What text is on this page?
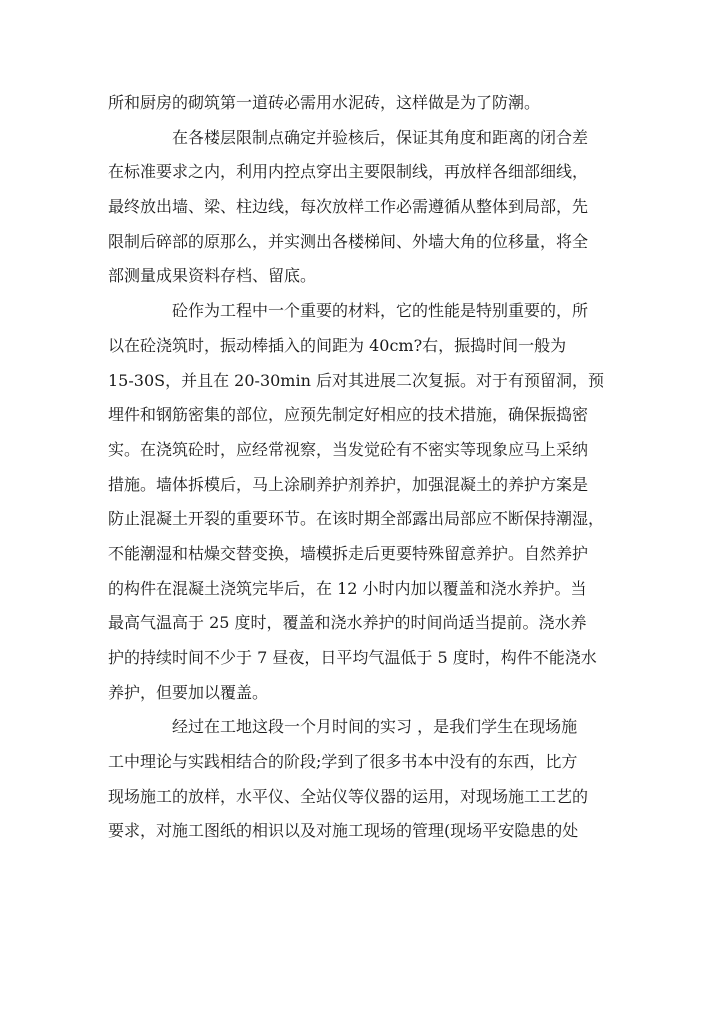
所和厨房的砌筑第一道砖必需用水泥砖，这样做是为了防潮。
在各楼层限制点确定并验核后，保证其角度和距离的闭合差
在标准要求之内，利用内控点穿出主要限制线，再放样各细部细线，
最终放出墙、梁、柱边线，每次放样工作必需遵循从整体到局部，先
限制后碎部的原那么，并实测出各楼梯间、外墙大角的位移量，将全
部测量成果资料存档、留底。
砼作为工程中一个重要的材料，它的性能是特别重要的，所
以在砼浇筑时，振动棒插入的间距为 40cm?右，振捣时间一般为
15-30S，并且在 20-30min 后对其进展二次复振。对于有预留洞，预
埋件和钢筋密集的部位，应预先制定好相应的技术措施，确保振捣密
实。在浇筑砼时，应经常视察，当发觉砼有不密实等现象应马上采纳
措施。墙体拆模后，马上涂刷养护剂养护，加强混凝土的养护方案是
防止混凝土开裂的重要环节。在该时期全部露出局部应不断保持潮湿，
不能潮湿和枯燥交替变换，墙模拆走后更要特殊留意养护。自然养护
的构件在混凝土浇筑完毕后，在 12 小时内加以覆盖和浇水养护。当
最高气温高于 25 度时，覆盖和浇水养护的时间尚适当提前。浇水养
护的持续时间不少于 7 昼夜，日平均气温低于 5 度时，构件不能浇水
养护，但要加以覆盖。
经过在工地这段一个月时间的实习 ，是我们学生在现场施
工中理论与实践相结合的阶段;学到了很多书本中没有的东西，比方
现场施工的放样，水平仪、全站仪等仪器的运用，对现场施工工艺的
要求，对施工图纸的相识以及对施工现场的管理(现场平安隐患的处
